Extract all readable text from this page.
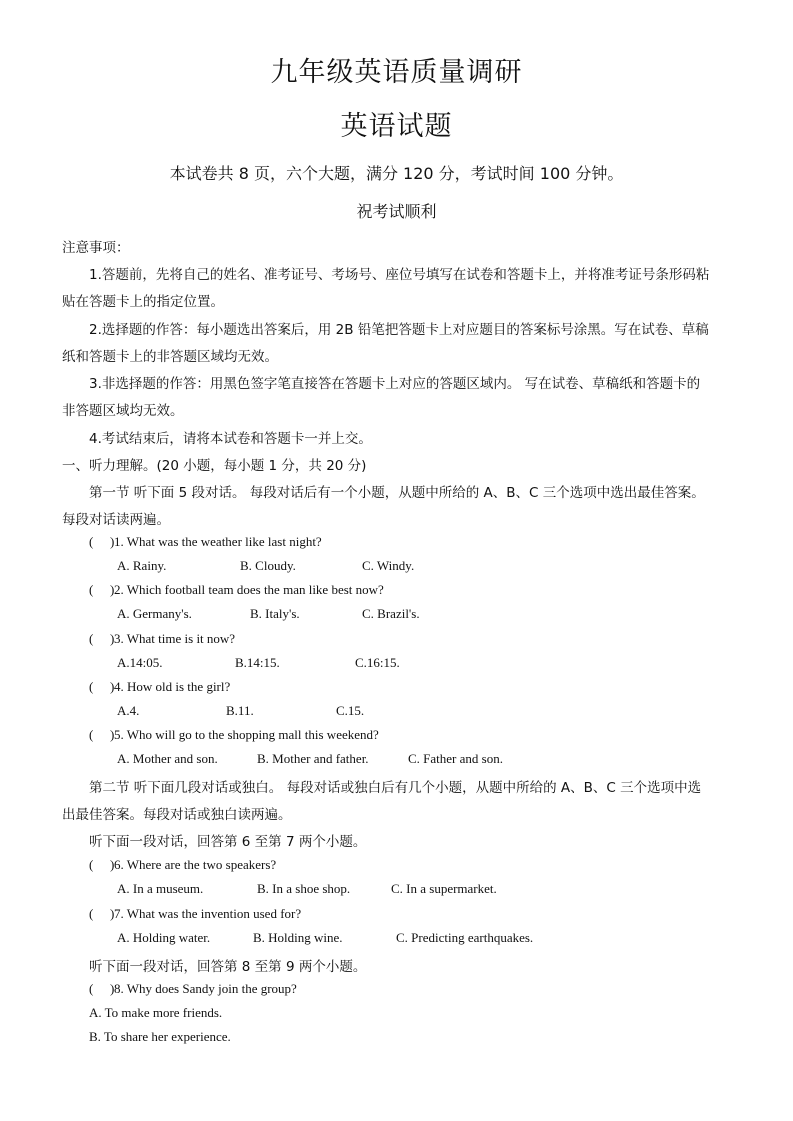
九年级英语质量调研
英语试题
本试卷共 8 页，六个大题，满分 120 分，考试时间 100 分钟。
祝考试顺利
注意事项：
1.答题前，先将自己的姓名、准考证号、考场号、座位号填写在试卷和答题卡上，并将准考证号条形码粘
贴在答题卡上的指定位置。
2.选择题的作答：每小题选出答案后，用 2B 铅笔把答题卡上对应题目的答案标号涂黑。写在试卷、草稿
纸和答题卡上的非答题区域均无效。
3.非选择题的作答：用黑色签字笔直接答在答题卡上对应的答题区域内。 写在试卷、草稿纸和答题卡的
非答题区域均无效。
4.考试结束后，请将本试卷和答题卡一并上交。
一、听力理解。(20 小题，每小题 1 分，共 20 分)
第一节 听下面 5 段对话。 每段对话后有一个小题，从题中所给的 A、B、C 三个选项中选出最佳答案。
每段对话读两遍。
( ) 1. What was the weather like last night?
A. Rainy.	B. Cloudy.	C. Windy.
( ) 2. Which football team does the man like best now?
A. Germany's.	B. Italy's.	C. Brazil's.
( ) 3. What time is it now?
A.14:05.	B.14:15.	C.16:15.
( ) 4. How old is the girl?
A.4.	B.11.	C.15.
( ) 5. Who will go to the shopping mall this weekend?
A. Mother and son.	B. Mother and father.	C. Father and son.
第二节 听下面几段对话或独白。 每段对话或独白后有几个小题，从题中所给的 A、B、C 三个选项中选
出最佳答案。每段对话或独白读两遍。
听下面一段对话，回答第 6 至第 7 两个小题。
( ) 6. Where are the two speakers?
A. In a museum.	B. In a shoe shop.	C. In a supermarket.
( ) 7. What was the invention used for?
A. Holding water.	B. Holding wine.	C. Predicting earthquakes.
听下面一段对话，回答第 8 至第 9 两个小题。
( ) 8. Why does Sandy join the group?
A. To make more friends.
B. To share her experience.
